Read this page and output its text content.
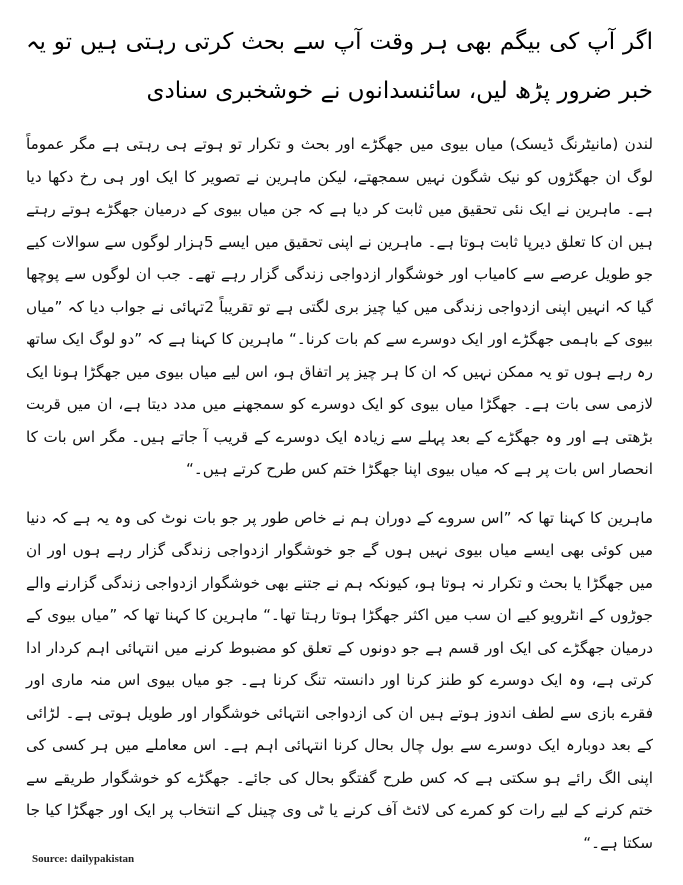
اگر آپ کی بیگم بھی ہر وقت آپ سے بحث کرتی رہتی ہیں تو یہ خبر ضرور پڑھ لیں، سائنسدانوں نے خوشخبری سنادی

لندن (مانیٹرنگ ڈیسک) میاں بیوی میں جھگڑے اور بحث و تکرار تو ہوتے ہی رہتی ہے مگر عموماً لوگ ان جھگڑوں کو نیک شگون نہیں سمجھتے، لیکن ماہرین نے تصویر کا ایک اور ہی رخ دکھا دیا ہے۔ ماہرین نے ایک نئی تحقیق میں ثابت کر دیا ہے کہ جن میاں بیوی کے درمیان جھگڑے ہوتے رہتے ہیں ان کا تعلق دیرپا ثابت ہوتا ہے۔ ماہرین نے اپنی تحقیق میں ایسے 5ہزار لوگوں سے سوالات کیے جو طویل عرصے سے کامیاب اور خوشگوار ازدواجی زندگی گزار رہے تھے۔ جب ان لوگوں سے پوچھا گیا کہ انہیں اپنی ازدواجی زندگی میں کیا چیز بری لگتی ہے تو تقریباً 2تہائی نے جواب دیا کہ ”میاں بیوی کے باہمی جھگڑے اور ایک دوسرے سے کم بات کرنا۔“ ماہرین کا کہنا ہے کہ ”دو لوگ ایک ساتھ رہ رہے ہوں تو یہ ممکن نہیں کہ ان کا ہر چیز پر اتفاق ہو، اس لیے میاں بیوی میں جھگڑا ہونا ایک لازمی سی بات ہے۔ جھگڑا میاں بیوی کو ایک دوسرے کو سمجھنے میں مدد دیتا ہے، ان میں قربت بڑھتی ہے اور وہ جھگڑے کے بعد پہلے سے زیادہ ایک دوسرے کے قریب آ جاتے ہیں۔ مگر اس بات کا انحصار اس بات پر ہے کہ میاں بیوی اپنا جھگڑا ختم کس طرح کرتے ہیں۔“

ماہرین کا کہنا تھا کہ ”اس سروے کے دوران ہم نے خاص طور پر جو بات نوٹ کی وہ یہ ہے کہ دنیا میں کوئی بھی ایسے میاں بیوی نہیں ہوں گے جو خوشگوار ازدواجی زندگی گزار رہے ہوں اور ان میں جھگڑا یا بحث و تکرار نہ ہوتا ہو، کیونکہ ہم نے جتنے بھی خوشگوار ازدواجی زندگی گزارنے والے جوڑوں کے انٹرویو کیے ان سب میں اکثر جھگڑا ہوتا رہتا تھا۔“ ماہرین کا کہنا تھا کہ ”میاں بیوی کے درمیان جھگڑے کی ایک اور قسم ہے جو دونوں کے تعلق کو مضبوط کرنے میں انتہائی اہم کردار ادا کرتی ہے، وہ ایک دوسرے کو طنز کرنا اور دانستہ تنگ کرنا ہے۔ جو میاں بیوی اس منہ ماری اور فقرے بازی سے لطف اندوز ہوتے ہیں ان کی ازدواجی انتہائی خوشگوار اور طویل ہوتی ہے۔ لڑائی کے بعد دوبارہ ایک دوسرے سے بول چال بحال کرنا انتہائی اہم ہے۔ اس معاملے میں ہر کسی کی اپنی الگ رائے ہو سکتی ہے کہ کس طرح گفتگو بحال کی جائے۔ جھگڑے کو خوشگوار طریقے سے ختم کرنے کے لیے رات کو کمرے کی لائٹ آف کرنے یا ٹی وی چینل کے انتخاب پر ایک اور جھگڑا کیا جا سکتا ہے۔“

Source: dailypakistan
